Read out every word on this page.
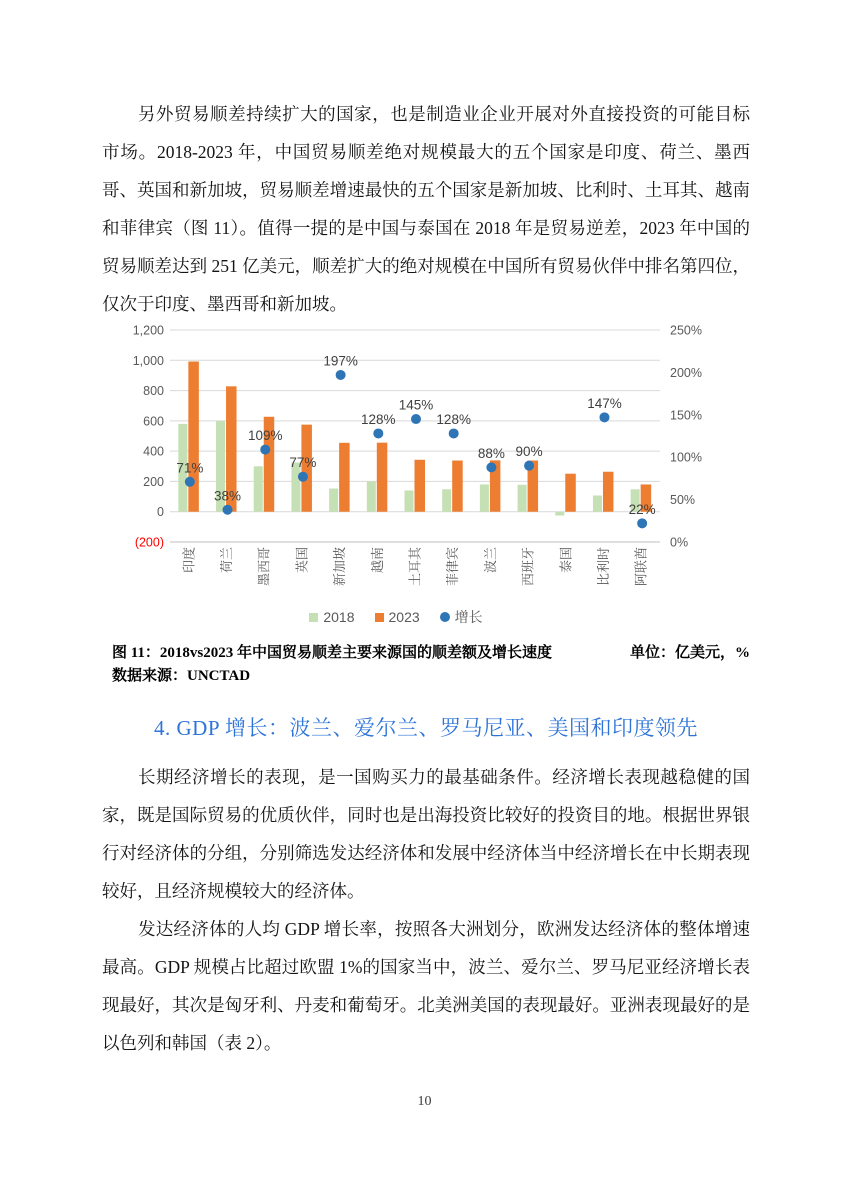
另外贸易顺差持续扩大的国家，也是制造业企业开展对外直接投资的可能目标市场。2018-2023 年，中国贸易顺差绝对规模最大的五个国家是印度、荷兰、墨西哥、英国和新加坡，贸易顺差增速最快的五个国家是新加坡、比利时、土耳其、越南和菲律宾（图 11）。值得一提的是中国与泰国在 2018 年是贸易逆差，2023 年中国的贸易顺差达到 251 亿美元，顺差扩大的绝对规模在中国所有贸易伙伴中排名第四位，仅次于印度、墨西哥和新加坡。

1,200
1,000
800
600
400
200
0
(200)
250%
200%
150%
100%
50%
0%
印度 荷兰 墨西哥 英国 新加坡 越南 土耳其 菲律宾 波兰 西班牙 泰国 比利时 阿联酋
71%
38%
109%
77%
197%
128%
145%
128%
88% 90%
147%
22%
2018 2023	增长
图 11：2018vs2023 年中国贸易顺差主要来源国的顺差额及增长速度	单位：亿美元，%
数据来源：UNCTAD
4. GDP 增长：波兰、爱尔兰、罗马尼亚、美国和印度领先

长期经济增长的表现，是一国购买力的最基础条件。经济增长表现越稳健的国家，既是国际贸易的优质伙伴，同时也是出海投资比较好的投资目的地。根据世界银行对经济体的分组，分别筛选发达经济体和发展中经济体当中经济增长在中长期表现较好，且经济规模较大的经济体。

发达经济体的人均 GDP 增长率，按照各大洲划分，欧洲发达经济体的整体增速最高。GDP 规模占比超过欧盟 1%的国家当中，波兰、爱尔兰、罗马尼亚经济增长表现最好，其次是匈牙利、丹麦和葡萄牙。北美洲美国的表现最好。亚洲表现最好的是以色列和韩国（表 2）。

10
